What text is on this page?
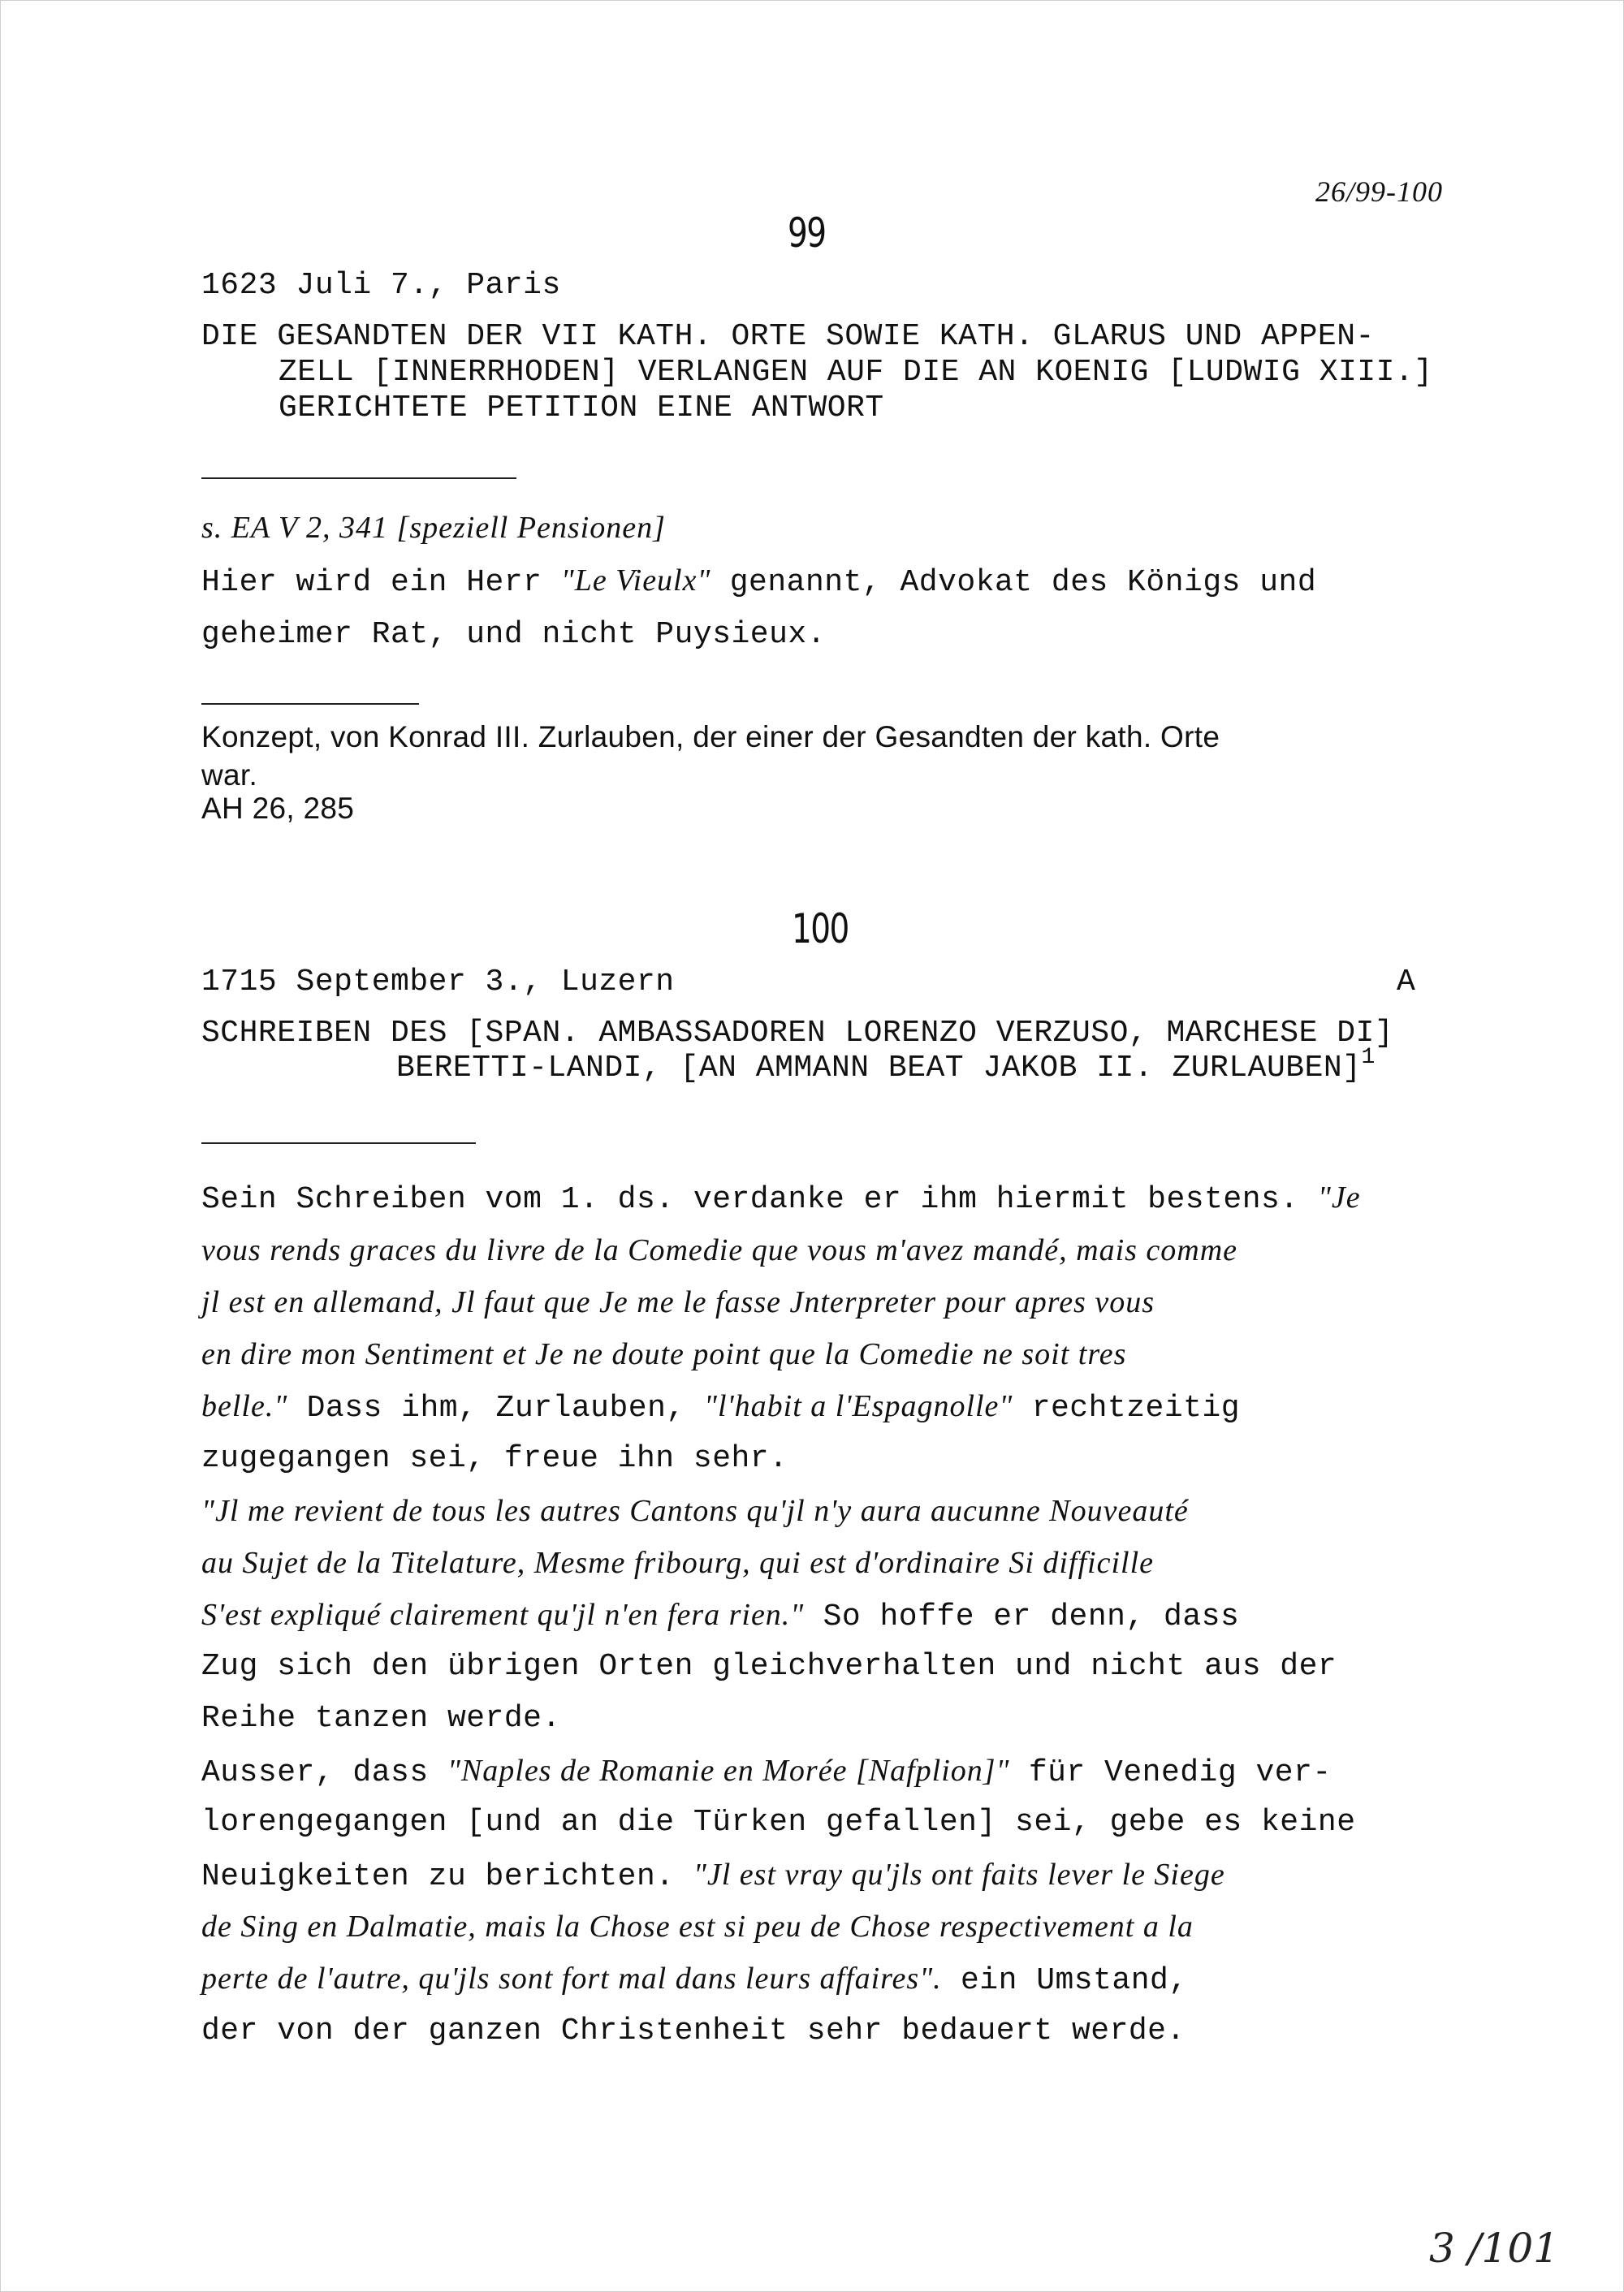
26/99-100
99
1623 Juli 7., Paris
DIE GESANDTEN DER VII KATH. ORTE SOWIE KATH. GLARUS UND APPEN-
ZELL [INNERRHODEN] VERLANGEN AUF DIE AN KOENIG [LUDWIG XIII.]
GERICHTETE PETITION EINE ANTWORT
s. EA V 2, 341 [speziell Pensionen]
Hier wird ein Herr "Le Vieulx" genannt, Advokat des Königs und
geheimer Rat, und nicht Puysieux.
Konzept, von Konrad III. Zurlauben, der einer der Gesandten der kath. Orte
war.
AH 26, 285
100
1715 September 3., Luzern	A
SCHREIBEN DES [SPAN. AMBASSADOREN LORENZO VERZUSO, MARCHESE DI]
BERETTI-LANDI, [AN AMMANN BEAT JAKOB II. ZURLAUBEN]$^1$
Sein Schreiben vom 1. ds. verdanke er ihm hiermit bestens. "Je
vous rends graces du livre de la Comedie que vous m'avez mandé, mais comme
jl est en allemand, Jl faut que Je me le fasse Jnterpreter pour apres vous
en dire mon Sentiment et Je ne doute point que la Comedie ne soit tres
belle." Dass ihm, Zurlauben, "l'habit a l'Espagnolle" rechtzeitig
zugegangen sei, freue ihn sehr.
"Jl me revient de tous les autres Cantons qu'jl n'y aura aucunne Nouveauté
au Sujet de la Titelature, Mesme fribourg, qui est d'ordinaire Si difficille
S'est expliqué clairement qu'jl n'en fera rien." So hoffe er denn, dass
Zug sich den übrigen Orten gleichverhalten und nicht aus der
Reihe tanzen werde.
Ausser, dass "Naples de Romanie en Morée [Nafplion]" für Venedig ver-
lorengegangen [und an die Türken gefallen] sei, gebe es keine
Neuigkeiten zu berichten. "Jl est vray qu'jls ont faits lever le Siege
de Sing en Dalmatie, mais la Chose est si peu de Chose respectivement a la
perte de l'autre, qu'jls sont fort mal dans leurs affaires". ein Umstand,
der von der ganzen Christenheit sehr bedauert werde.
3 /101
